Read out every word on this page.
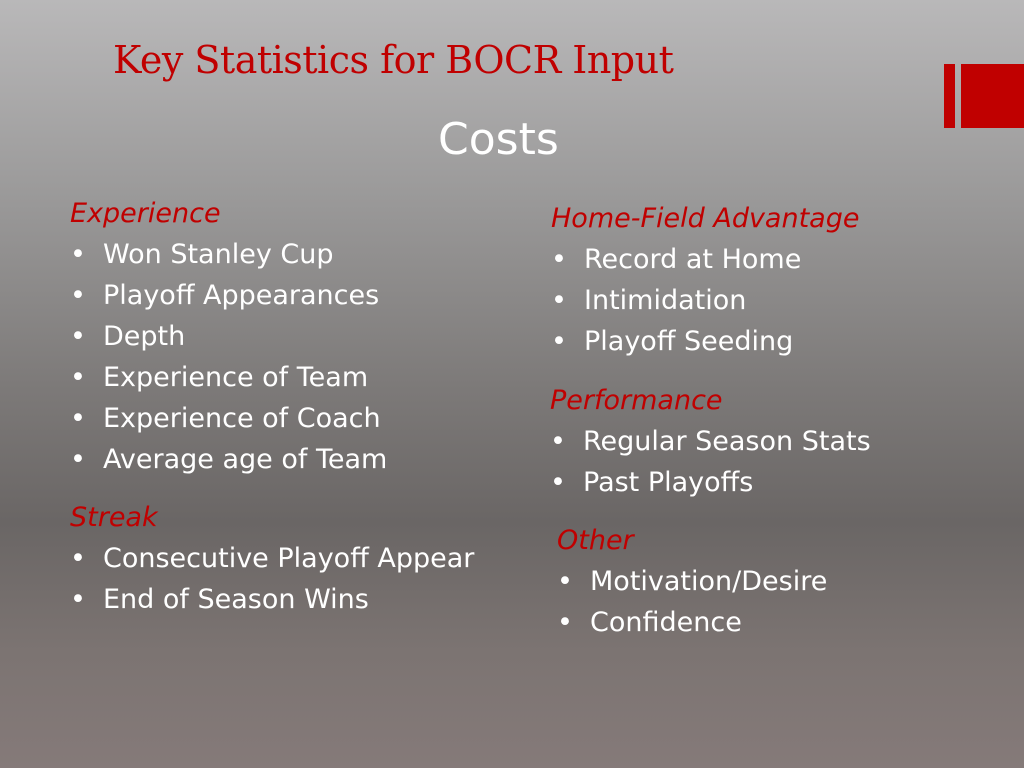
Key Statistics for BOCR Input
Costs
Experience
• Won Stanley Cup
• Playoff Appearances
• Depth
• Experience of Team
• Experience of Coach
• Average age of Team
Streak
• Consecutive Playoff Appear
• End of Season Wins
Home-Field Advantage
• Record at Home
• Intimidation
• Playoff Seeding
Performance
• Regular Season Stats
• Past Playoffs
Other
• Motivation/Desire
• Confidence
